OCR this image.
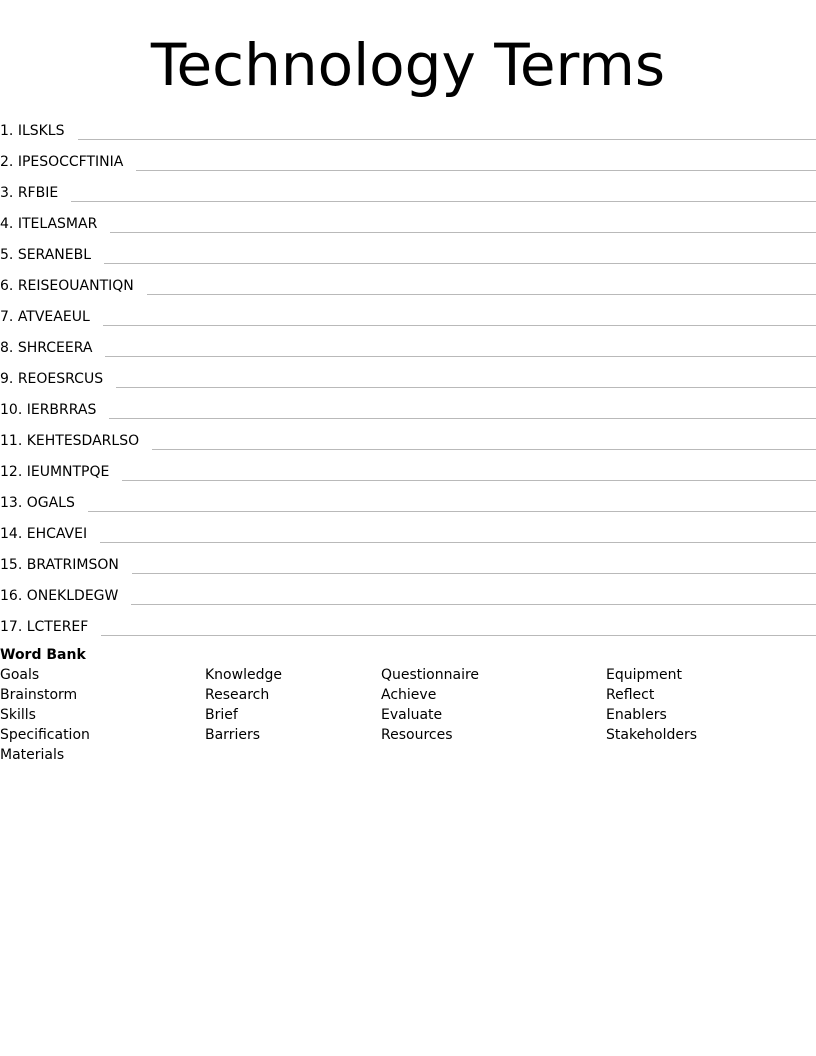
Technology Terms
1.
ILSKLS
2.
IPESOCCFTINIA
3.
RFBIE
4.
ITELASMAR
5.
SERANEBL
6.
REISEOUANTIQN
7.
ATVEAEUL
8.
SHRCEERA
9.
REOESRCUS
10.
IERBRRAS
11.
KEHTESDARLSO
12.
IEUMNTPQE
13.
OGALS
14.
EHCAVEI
15.
BRATRIMSON
16.
ONEKLDEGW
17.
LCTEREF
Word Bank
Goals	Knowledge	Questionnaire	Equipment
Brainstorm	Research	Achieve	Reflect
Skills	Brief	Evaluate	Enablers
Specification	Barriers	Resources	Stakeholders
Materials
